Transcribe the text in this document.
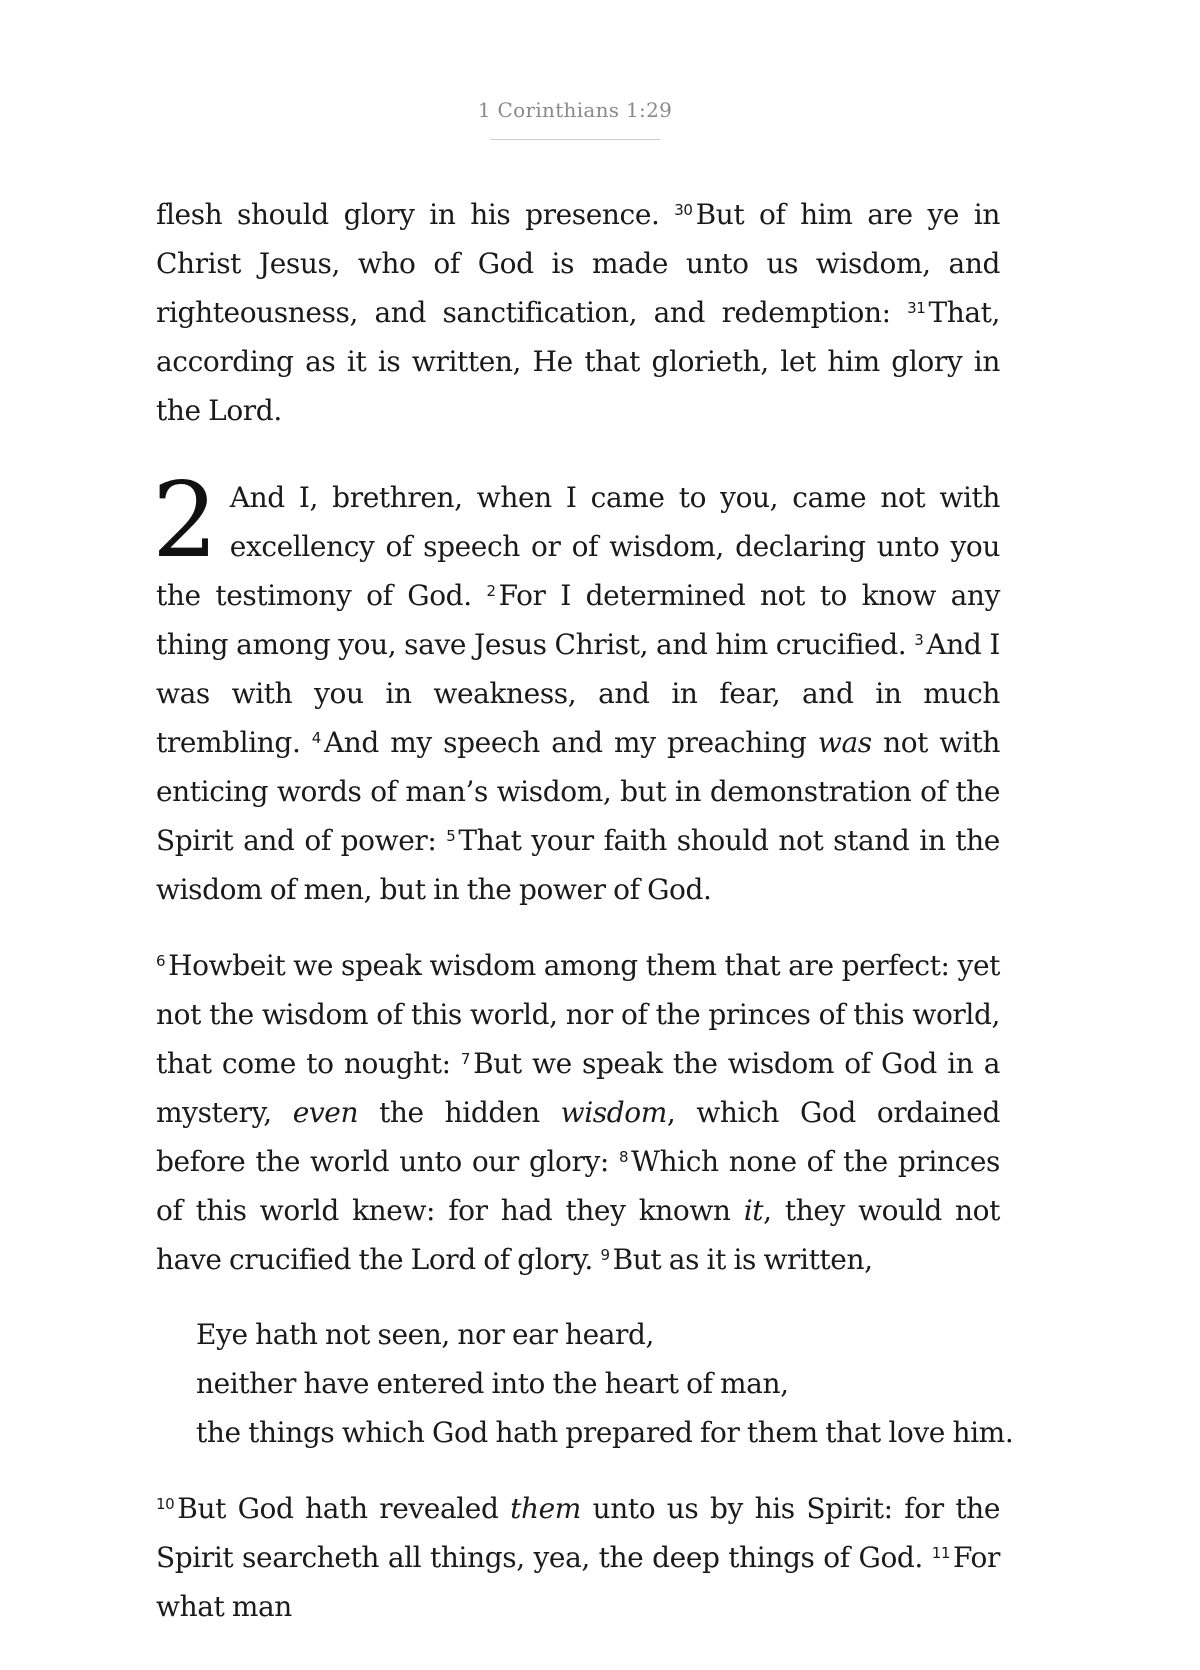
1 Corinthians 1:29

flesh should glory in his presence. $^{30}$ But of him are ye in Christ Jesus, who of God is made unto us wisdom, and righteousness, and sanctification, and redemption: $^{31}$ That, according as it is written, He that glorieth, let him glory in the Lord.

2 And I, brethren, when I came to you, came not with excellency of speech or of wisdom, declaring unto you the testimony of God. $^2$ For I determined not to know any thing among you, save Jesus Christ, and him crucified. $^3$ And I was with you in weakness, and in fear, and in much trembling. $^4$ And my speech and my preaching was not with enticing words of man’s wisdom, but in demonstration of the Spirit and of power: $^5$ That your faith should not stand in the wisdom of men, but in the power of God.

$^6$ Howbeit we speak wisdom among them that are perfect: yet not the wisdom of this world, nor of the princes of this world, that come to nought: $^7$ But we speak the wisdom of God in a mystery, even the hidden wisdom, which God ordained before the world unto our glory: $^8$ Which none of the princes of this world knew: for had they known it, they would not have crucified the Lord of glory. $^9$ But as it is written,

Eye hath not seen, nor ear heard,
neither have entered into the heart of man,
the things which God hath prepared for them that love him.

$^{10}$ But God hath revealed them unto us by his Spirit: for the Spirit searcheth all things, yea, the deep things of God. $^{11}$ For what man
